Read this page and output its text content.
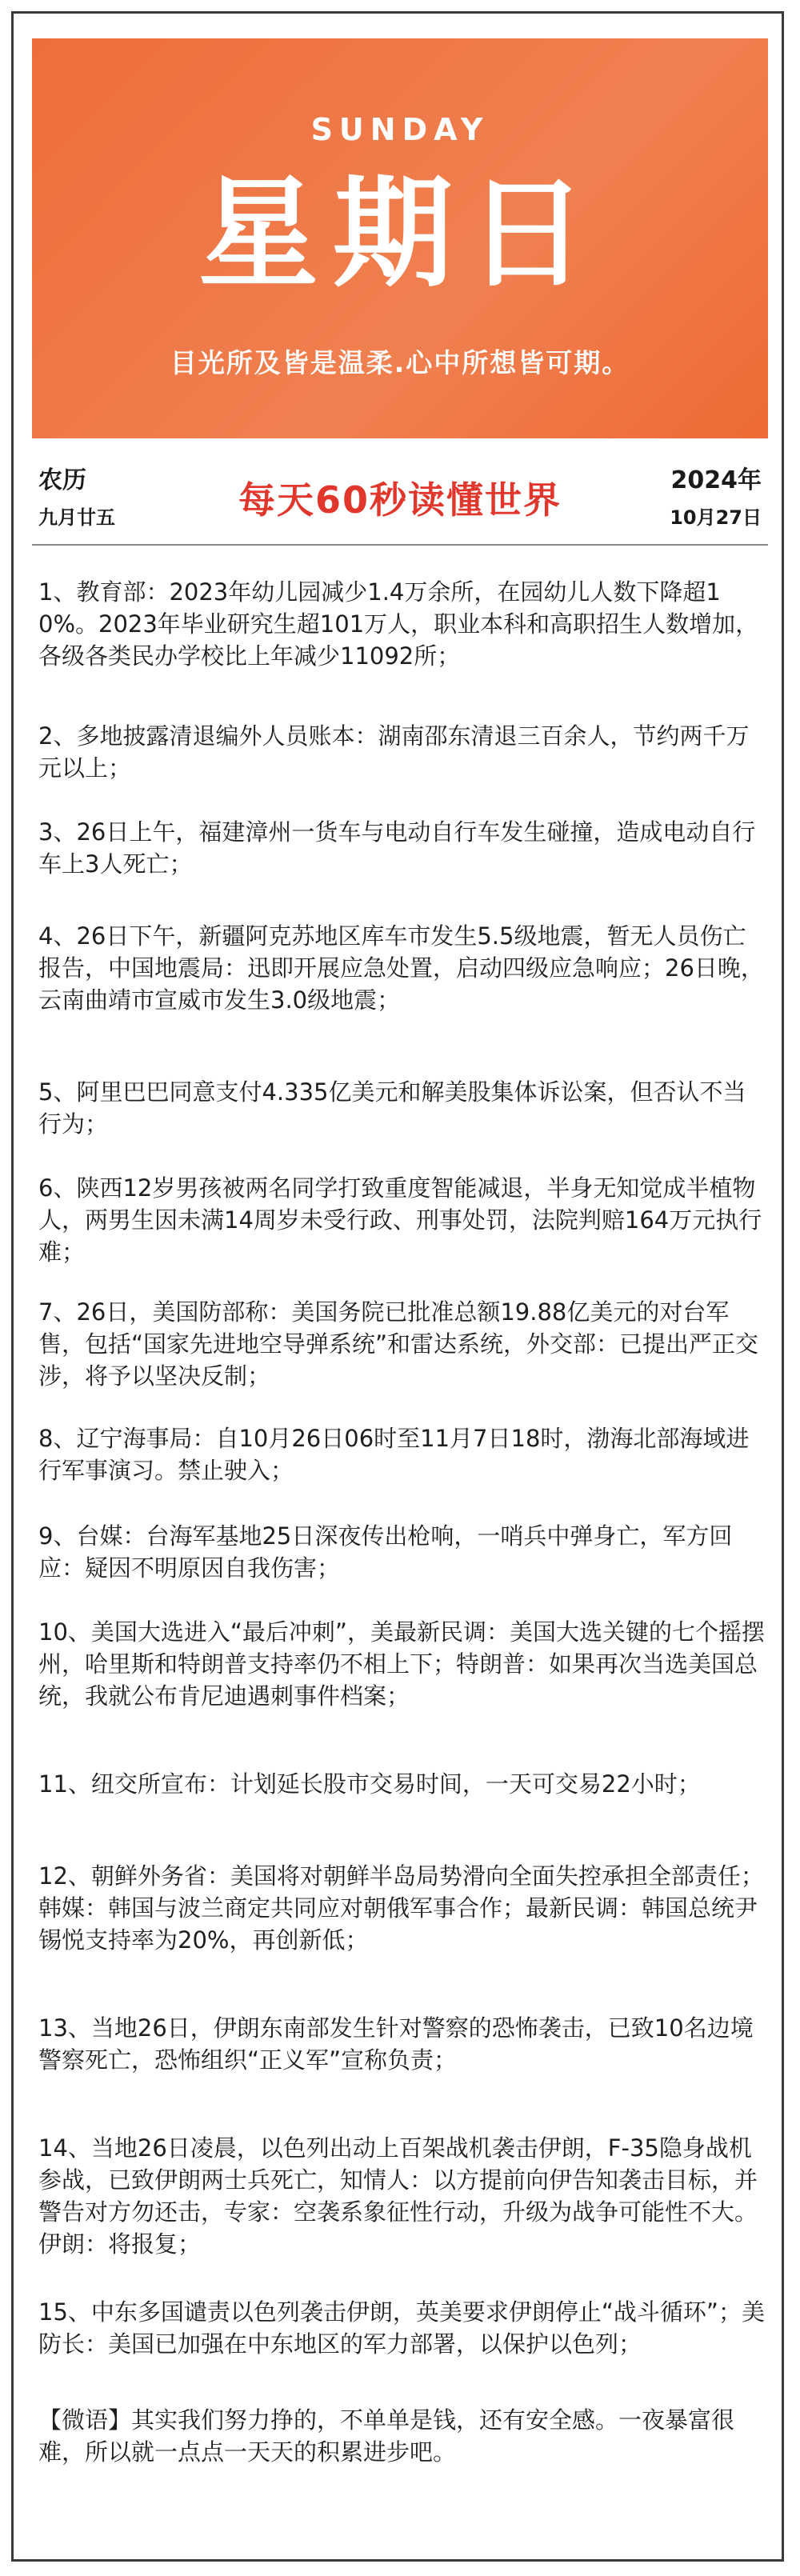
SUNDAY
星期日
目光所及皆是温柔.心中所想皆可期。
农历
九月廿五	每天60秒读懂世界	2024年
10月27日
1、教育部：2023年幼儿园减少1.4万余所，在园幼儿人数下降超10%。2023年毕业研究生超101万人，职业本科和高职招生人数增加，各级各类民办学校比上年减少11092所；
2、多地披露清退编外人员账本：湖南邵东清退三百余人，节约两千万元以上；
3、26日上午，福建漳州一货车与电动自行车发生碰撞，造成电动自行车上3人死亡；
4、26日下午，新疆阿克苏地区库车市发生5.5级地震，暂无人员伤亡报告，中国地震局：迅即开展应急处置，启动四级应急响应；26日晚，云南曲靖市宣威市发生3.0级地震；
5、阿里巴巴同意支付4.335亿美元和解美股集体诉讼案，但否认不当行为；
6、陕西12岁男孩被两名同学打致重度智能减退，半身无知觉成半植物人，两男生因未满14周岁未受行政、刑事处罚，法院判赔164万元执行难；
7、26日，美国防部称：美国务院已批准总额19.88亿美元的对台军售，包括“国家先进地空导弹系统”和雷达系统，外交部：已提出严正交涉，将予以坚决反制；
8、辽宁海事局：自10月26日06时至11月7日18时，渤海北部海域进行军事演习。禁止驶入；
9、台媒：台海军基地25日深夜传出枪响，一哨兵中弹身亡，军方回应：疑因不明原因自我伤害；
10、美国大选进入“最后冲刺”，美最新民调：美国大选关键的七个摇摆州，哈里斯和特朗普支持率仍不相上下；特朗普：如果再次当选美国总统，我就公布肯尼迪遇刺事件档案；
11、纽交所宣布：计划延长股市交易时间，一天可交易22小时；
12、朝鲜外务省：美国将对朝鲜半岛局势滑向全面失控承担全部责任；韩媒：韩国与波兰商定共同应对朝俄军事合作；最新民调：韩国总统尹锡悦支持率为20%，再创新低；
13、当地26日，伊朗东南部发生针对警察的恐怖袭击，已致10名边境警察死亡，恐怖组织“正义军”宣称负责；
14、当地26日凌晨，以色列出动上百架战机袭击伊朗，F-35隐身战机参战，已致伊朗两士兵死亡，知情人：以方提前向伊告知袭击目标，并警告对方勿还击，专家：空袭系象征性行动，升级为战争可能性不大。伊朗：将报复；
15、中东多国谴责以色列袭击伊朗，英美要求伊朗停止“战斗循环”；美防长：美国已加强在中东地区的军力部署，以保护以色列；
【微语】其实我们努力挣的，不单单是钱，还有安全感。一夜暴富很难，所以就一点点一天天的积累进步吧。
